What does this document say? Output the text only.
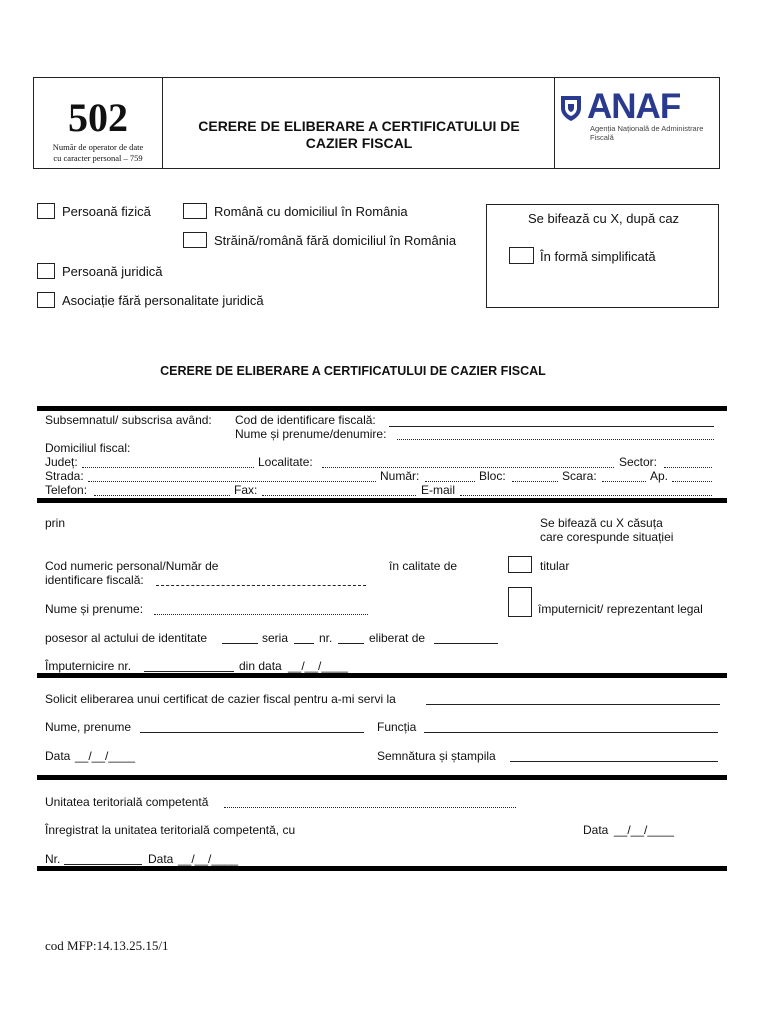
502
Număr de operator de date
cu caracter personal – 759
CERERE DE ELIBERARE A CERTIFICATULUI DE
CAZIER FISCAL
ANAF
Agenția Națională de Administrare Fiscală
Persoană fizică	Română cu domiciliul în România
Străină/română fără domiciliul în România
Persoană juridică
Asociație fără personalitate juridică
Se bifează cu X, după caz
În formă simplificată
CERERE DE ELIBERARE A CERTIFICATULUI DE CAZIER FISCAL
Subsemnatul/ subscrisa având: Cod de identificare fiscală:
Nume și prenume/denumire:
Domiciliul fiscal:
Județ:	Localitate:	Sector:
Strada:	Număr:	Bloc:	Scara:	Ap.
Telefon:	Fax:	E-mail
prin	Se bifează cu X căsuța
care corespunde situației
Cod numeric personal/Număr de
identificare fiscală:
în calitate de	titular
Nume și prenume:	împuternicit/ reprezentant legal
posesor al actului de identitate	seria	nr.	eliberat de
Împuternicire nr.	din data __/__/____
Solicit eliberarea unui certificat de cazier fiscal pentru a-mi servi la
Nume, prenume	Funcția
Data __/__/____	Semnătura și ștampila
Unitatea teritorială competentă
Înregistrat la unitatea teritorială competentă, cu	Data __/__/____
Nr.	Data __/__/____
cod MFP:14.13.25.15/1
